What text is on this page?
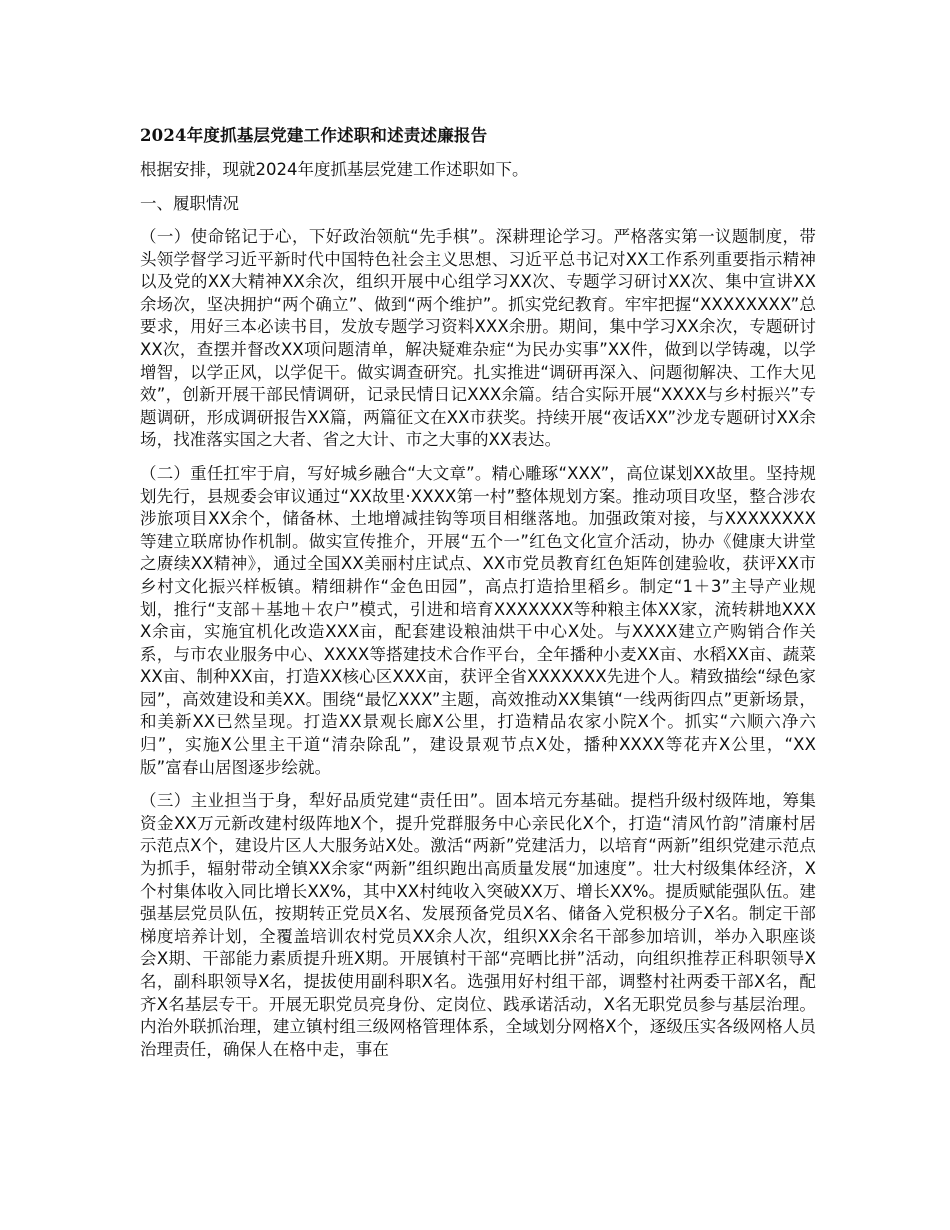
2024年度抓基层党建工作述职和述责述廉报告
根据安排，现就2024年度抓基层党建工作述职如下。
一、履职情况
（一）使命铭记于心，下好政治领航“先手棋”。深耕理论学习。严格落实第一议题制度，带头领学督学习近平新时代中国特色社会主义思想、习近平总书记对XX工作系列重要指示精神以及党的XX大精神XX余次，组织开展中心组学习XX次、专题学习研讨XX次、集中宣讲XX余场次，坚决拥护“两个确立”、做到“两个维护”。抓实党纪教育。牢牢把握“XXXXXXXX”总要求，用好三本必读书目，发放专题学习资料XXX余册。期间，集中学习XX余次，专题研讨XX次，查摆并督改XX项问题清单，解决疑难杂症“为民办实事”XX件，做到以学铸魂，以学增智，以学正风，以学促干。做实调查研究。扎实推进“调研再深入、问题彻解决、工作大见效”，创新开展干部民情调研，记录民情日记XXX余篇。结合实际开展“XXXX与乡村振兴”专题调研，形成调研报告XX篇，两篇征文在XX市获奖。持续开展“夜话XX”沙龙专题研讨XX余场，找准落实国之大者、省之大计、市之大事的XX表达。
（二）重任扛牢于肩，写好城乡融合“大文章”。精心雕琢“XXX”，高位谋划XX故里。坚持规划先行，县规委会审议通过“XX故里·XXXX第一村”整体规划方案。推动项目攻坚，整合涉农涉旅项目XX余个，储备林、土地增减挂钩等项目相继落地。加强政策对接，与XXXXXXXX等建立联席协作机制。做实宣传推介，开展“五个一”红色文化宣介活动，协办《健康大讲堂之赓续XX精神》，通过全国XX美丽村庄试点、XX市党员教育红色矩阵创建验收，获评XX市乡村文化振兴样板镇。精细耕作“金色田园”，高点打造拾里稻乡。制定“1＋3”主导产业规划，推行“支部＋基地＋农户”模式，引进和培育XXXXXXX等种粮主体XX家，流转耕地XXXX余亩，实施宜机化改造XXX亩，配套建设粮油烘干中心X处。与XXXX建立产购销合作关系，与市农业服务中心、XXXX等搭建技术合作平台，全年播种小麦XX亩、水稻XX亩、蔬菜XX亩、制种XX亩，打造XX核心区XXX亩，获评全省XXXXXXX先进个人。精致描绘“绿色家园”，高效建设和美XX。围绕“最忆XXX”主题，高效推动XX集镇“一线两街四点”更新场景，和美新XX已然呈现。打造XX景观长廊X公里，打造精品农家小院X个。抓实“六顺六净六归”，实施X公里主干道“清杂除乱”，建设景观节点X处，播种XXXX等花卉X公里，“XX版”富春山居图逐步绘就。
（三）主业担当于身，犁好品质党建“责任田”。固本培元夯基础。提档升级村级阵地，筹集资金XX万元新改建村级阵地X个，提升党群服务中心亲民化X个，打造“清风竹韵”清廉村居示范点X个，建设片区人大服务站X处。激活“两新”党建活力，以培育“两新”组织党建示范点为抓手，辐射带动全镇XX余家“两新”组织跑出高质量发展“加速度”。壮大村级集体经济，X个村集体收入同比增长XX%，其中XX村纯收入突破XX万、增长XX%。提质赋能强队伍。建强基层党员队伍，按期转正党员X名、发展预备党员X名、储备入党积极分子X名。制定干部梯度培养计划，全覆盖培训农村党员XX余人次，组织XX余名干部参加培训，举办入职座谈会X期、干部能力素质提升班X期。开展镇村干部“亮晒比拼”活动，向组织推荐正科职领导X名，副科职领导X名，提拔使用副科职X名。选强用好村组干部，调整村社两委干部X名，配齐X名基层专干。开展无职党员亮身份、定岗位、践承诺活动，X名无职党员参与基层治理。内治外联抓治理，建立镇村组三级网格管理体系，全域划分网格X个，逐级压实各级网格人员治理责任，确保人在格中走，事在
